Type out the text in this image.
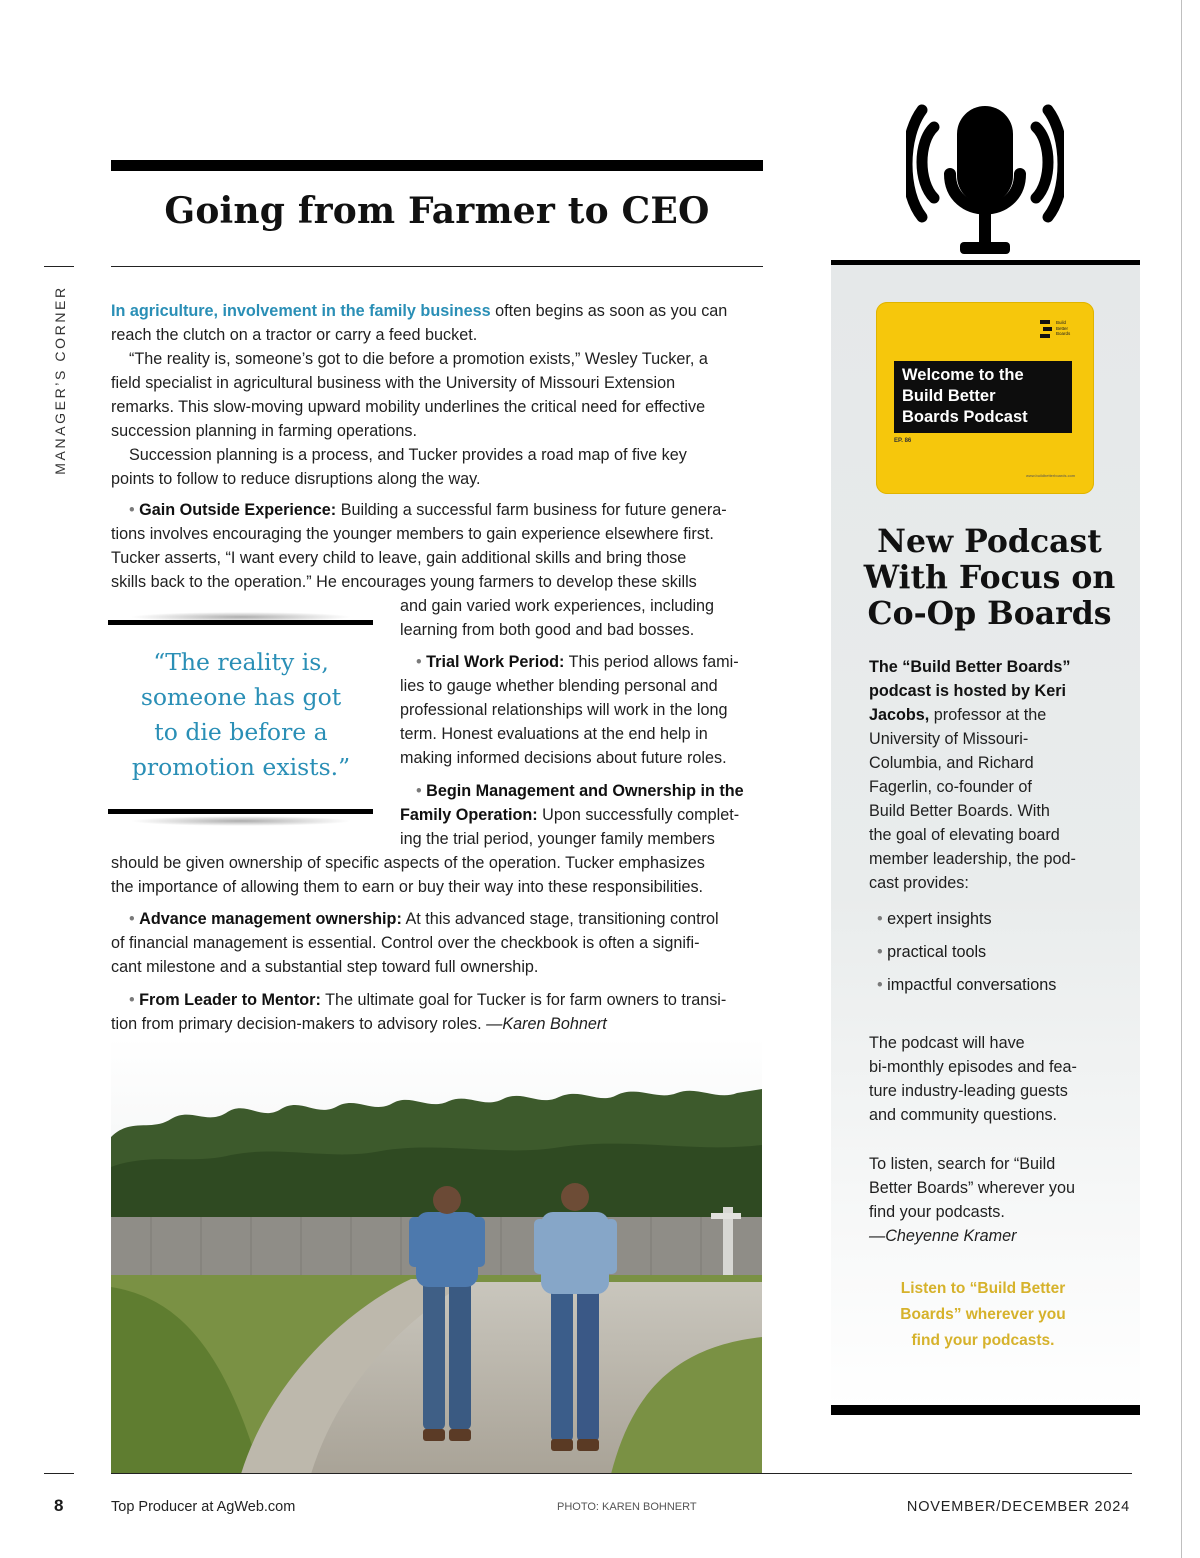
MANAGER’S CORNER
Going from Farmer to CEO

In agriculture, involvement in the family business often begins as soon as you can
reach the clutch on a tractor or carry a feed bucket.

“The reality is, someone’s got to die before a promotion exists,” Wesley Tucker, a
field specialist in agricultural business with the University of Missouri Extension
remarks. This slow-moving upward mobility underlines the critical need for effective
succession planning in farming operations.

Succession planning is a process, and Tucker provides a road map of five key
points to follow to reduce disruptions along the way.

• Gain Outside Experience: Building a successful farm business for future genera-
tions involves encouraging the younger members to gain experience elsewhere first.
Tucker asserts, “I want every child to leave, gain additional skills and bring those
skills back to the operation.” He encourages young farmers to develop these skills

and gain varied work experiences, including
learning from both good and bad bosses.

• Trial Work Period: This period allows fami-
lies to gauge whether blending personal and
professional relationships will work in the long
term. Honest evaluations at the end help in
making informed decisions about future roles.

• Begin Management and Ownership in the
Family Operation: Upon successfully complet-
ing the trial period, younger family members

should be given ownership of specific aspects of the operation. Tucker emphasizes
the importance of allowing them to earn or buy their way into these responsibilities.

• Advance management ownership: At this advanced stage, transitioning control
of financial management is essential. Control over the checkbook is often a signifi-
cant milestone and a substantial step toward full ownership.

• From Leader to Mentor: The ultimate goal for Tucker is for farm owners to transi-
tion from primary decision-makers to advisory roles. —Karen Bohnert

“The reality is,
someone has got
to die before a
promotion exists.”

Build
Better
Boards
Welcome to the
Build Better
Boards Podcast
EP. 86
www.buildbetterboards.com
New Podcast
With Focus on
Co-Op Boards

The “Build Better Boards”
podcast is hosted by Keri
Jacobs, professor at the
University of Missouri-
Columbia, and Richard
Fagerlin, co-founder of
Build Better Boards. With
the goal of elevating board
member leadership, the pod-
cast provides:

• expert insights
• practical tools
• impactful conversations

The podcast will have
bi-monthly episodes and fea-
ture industry-leading guests
and community questions.

To listen, search for “Build
Better Boards” wherever you
find your podcasts.
—Cheyenne Kramer

Listen to “Build Better
Boards” wherever you
find your podcasts.

8	Top Producer at AgWeb.com	PHOTO: KAREN BOHNERT	NOVEMBER/DECEMBER 2024
